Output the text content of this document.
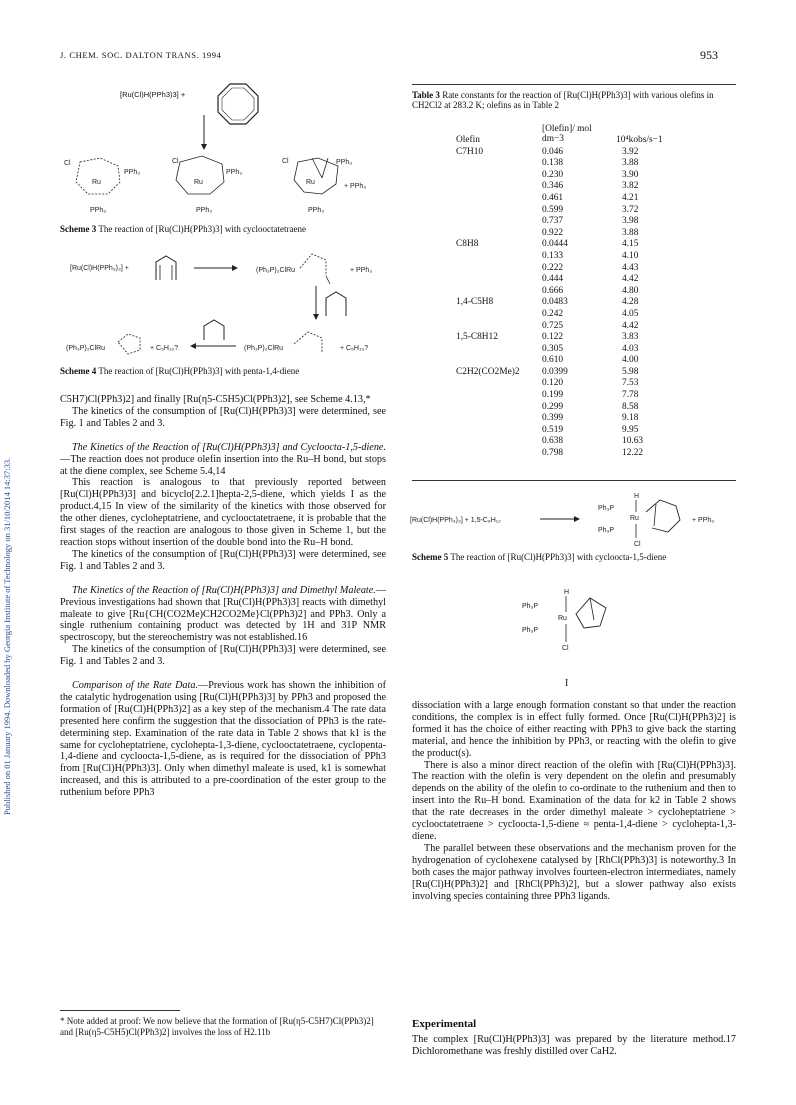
J. CHEM. SOC. DALTON TRANS. 1994	953
Published on 01 January 1994. Downloaded by Georgia Institute of Technology on 31/10/2014 14:37:33.
[Ru(Cl)H(PPh3)3] +
Cl
PPh₃
Ru
PPh₃
Cl
PPh₃
Ru
PPh₃
Cl	PPh₃
Ru
+ PPh₃
PPh₃
Scheme 3 The reaction of [Ru(Cl)H(PPh3)3] with cyclooctatetraene
[Ru(Cl)H(PPh₃)₃] +	(Ph₃P)₂ClRu	+ PPh₃
(Ph₃P)₂ClRu	+ C₅H₁₀?	(Ph₃P)₂ClRu	+ C₅H₁₀?
Scheme 4 The reaction of [Ru(Cl)H(PPh3)3] with penta-1,4-diene

C5H7)Cl(PPh3)2] and finally [Ru(η5-C5H5)Cl(PPh3)2], see Scheme 4.13,*

The kinetics of the consumption of [Ru(Cl)H(PPh3)3] were determined, see Fig. 1 and Tables 2 and 3.

The Kinetics of the Reaction of [Ru(Cl)H(PPh3)3] and Cycloocta-1,5-diene.—The reaction does not produce olefin insertion into the Ru–H bond, but stops at the diene complex, see Scheme 5.4,14

This reaction is analogous to that previously reported between [Ru(Cl)H(PPh3)3] and bicyclo[2.2.1]hepta-2,5-diene, which yields I as the product.4,15 In view of the similarity of the kinetics with those observed for the other dienes, cycloheptatriene, and cyclooctatetraene, it is probable that the first stages of the reaction are analogous to those given in Scheme 1, but the reaction stops without insertion of the double bond into the Ru–H bond.

The kinetics of the consumption of [Ru(Cl)H(PPh3)3] were determined, see Fig. 1 and Tables 2 and 3.

The Kinetics of the Reaction of [Ru(Cl)H(PPh3)3] and Dimethyl Maleate.—Previous investigations had shown that [Ru(Cl)H(PPh3)3] reacts with dimethyl maleate to give [Ru{CH(CO2Me)CH2CO2Me}Cl(PPh3)2] and PPh3. Only a single ruthenium containing product was detected by 1H and 31P NMR spectroscopy, but the stereochemistry was not established.16

The kinetics of the consumption of [Ru(Cl)H(PPh3)3] were determined, see Fig. 1 and Tables 2 and 3.

Comparison of the Rate Data.—Previous work has shown the inhibition of the catalytic hydrogenation using [Ru(Cl)H(PPh3)3] by PPh3 and proposed the formation of [Ru(Cl)H(PPh3)2] as a key step of the mechanism.4 The rate data presented here confirm the suggestion that the dissociation of PPh3 is the rate-determining step. Examination of the rate data in Table 2 shows that k1 is the same for cycloheptatriene, cyclohepta-1,3-diene, cyclooctatetraene, cyclopenta-1,4-diene and cycloocta-1,5-diene, as is required for the dissociation of PPh3 from [Ru(Cl)H(PPh3)3]. Only when dimethyl maleate is used, k1 is somewhat increased, and this is attributed to a pre-coordination of the ester group to the ruthenium before PPh3

* Note added at proof: We now believe that the formation of [Ru(η5-C5H7)Cl(PPh3)2] and [Ru(η5-C5H5)Cl(PPh3)2] involves the loss of H2.11b
Table 3 Rate constants for the reaction of [Ru(Cl)H(PPh3)3] with various olefins in CH2Cl2 at 283.2 K; olefins as in Table 2
Olefin	[Olefin]/ mol dm−3	10⁴kobs/s−1
C7H10	0.046	3.92
	0.138	3.88
	0.230	3.90
	0.346	3.82
	0.461	4.21
	0.599	3.72
	0.737	3.98
	0.922	3.88
C8H8	0.0444	4.15
	0.133	4.10
	0.222	4.43
	0.444	4.42
	0.666	4.80
1,4-C5H8	0.0483	4.28
	0.242	4.05
	0.725	4.42
1,5-C8H12	0.122	3.83
	0.305	4.03
	0.610	4.00
C2H2(CO2Me)2	0.0399	5.98
	0.120	7.53
	0.199	7.78
	0.299	8.58
	0.399	9.18
	0.519	9.95
	0.638	10.63
	0.798	12.22
[Ru(Cl)H(PPh₃)₃] + 1,5-C₈H₁₂
H
Ph₃P
Ru
Ph₃P
Cl
+ PPh₃
Scheme 5 The reaction of [Ru(Cl)H(PPh3)3] with cycloocta-1,5-diene
H
Ph₃P
Ru
Ph₃P
Cl
I

dissociation with a large enough formation constant so that under the reaction conditions, the complex is in effect fully formed. Once [Ru(Cl)H(PPh3)2] is formed it has the choice of either reacting with PPh3 to give back the starting material, and hence the inhibition by PPh3, or reacting with the olefin to give the product(s).

There is also a minor direct reaction of the olefin with [Ru(Cl)H(PPh3)3]. The reaction with the olefin is very dependent on the olefin and presumably depends on the ability of the olefin to co-ordinate to the ruthenium and then to insert into the Ru–H bond. Examination of the data for k2 in Table 2 shows that the rate decreases in the order dimethyl maleate > cycloheptatriene > cyclooctatetraene > cycloocta-1,5-diene ≈ penta-1,4-diene > cyclohepta-1,3-diene.

The parallel between these observations and the mechanism proven for the hydrogenation of cyclohexene catalysed by [RhCl(PPh3)3] is noteworthy.3 In both cases the major pathway involves fourteen-electron intermediates, namely [Ru(Cl)H(PPh3)2] and [RhCl(PPh3)2], but a slower pathway also exists involving species containing three PPh3 ligands.

Experimental
The complex [Ru(Cl)H(PPh3)3] was prepared by the literature method.17 Dichloromethane was freshly distilled over CaH2.
